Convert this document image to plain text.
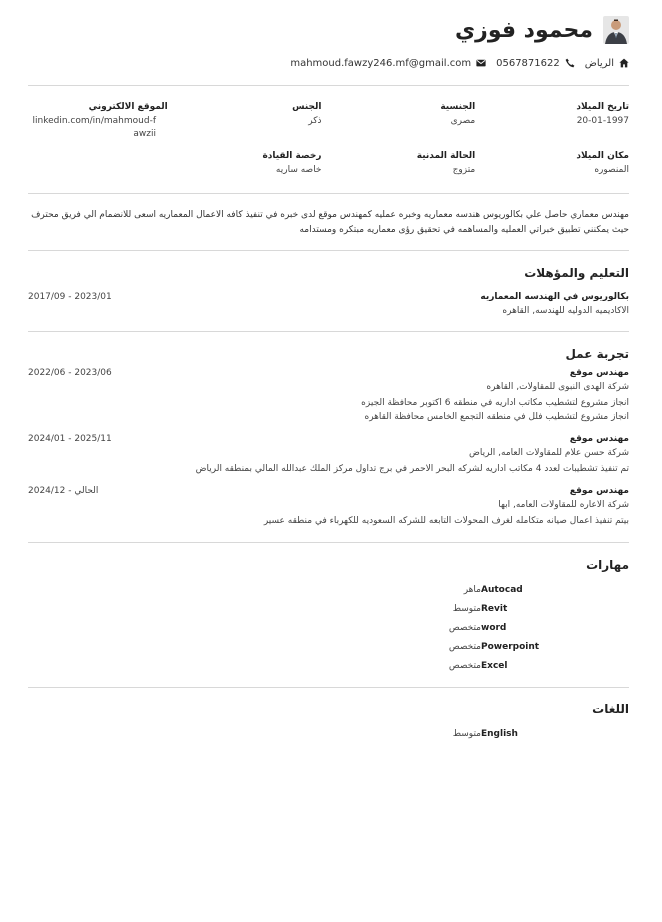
محمود فوزي
الرياض
0567871622
mahmoud.fawzy246.mf@gmail.com
تاريخ الميلاد
20-01-1997
الجنسية
مصرى
الجنس
ذكر
الموقع الالكتروني
linkedin.com/in/mahmoud-fawzii
مكان الميلاد
المنصوره
الحالة المدنية
متزوج
رخصة القيادة
خاصه ساريه

مهندس معماري حاصل علي بكالوريوس هندسه معماريه وخبره عمليه كمهندس موقع لدى خبره في تنفيذ كافه الاعمال المعماريه اسعى للانضمام الي فريق محترف حيث يمكنني تطبيق خبراتي العمليه والمساهمه في تحقيق رؤى معماريه مبتكره ومستدامه

التعليم والمؤهلات
بكالوريوس في الهندسه المعماريه
الاكاديميه الدوليه للهندسه, القاهره
2017/09 - 2023/01
تجربة عمل
مهندس موقع
شركة الهدى النبوى للمقاولات, القاهره
انجاز مشروع لتشطيب مكاتب اداريه في منطقه 6 اكتوبر محافظة الجيزه
انجاز مشروع لتشطيب فلل في منطقه التجمع الخامس محافظة القاهره
2022/06 - 2023/06
مهندس موقع
شركة حسن علام للمقاولات العامه, الرياض
تم تنفيذ تشطيبات لعدد 4 مكاتب اداريه لشركه البحر الاحمر في برج تداول مركز الملك عبدالله المالي بمنطقه الرياض
2024/01 - 2025/11
مهندس موقع
شركة الاعاره للمقاولات العامه, ابها
بيتم تنفيذ اعمال صيانه متكامله لغرف المحولات التابعه للشركه السعوديه للكهرباء في منطقه عسير
2024/12 - الحالي
مهارات
Autocad
ماهر
Revit
متوسط
word
متخصص
Powerpoint
متخصص
Excel
متخصص
اللغات
English
متوسط
